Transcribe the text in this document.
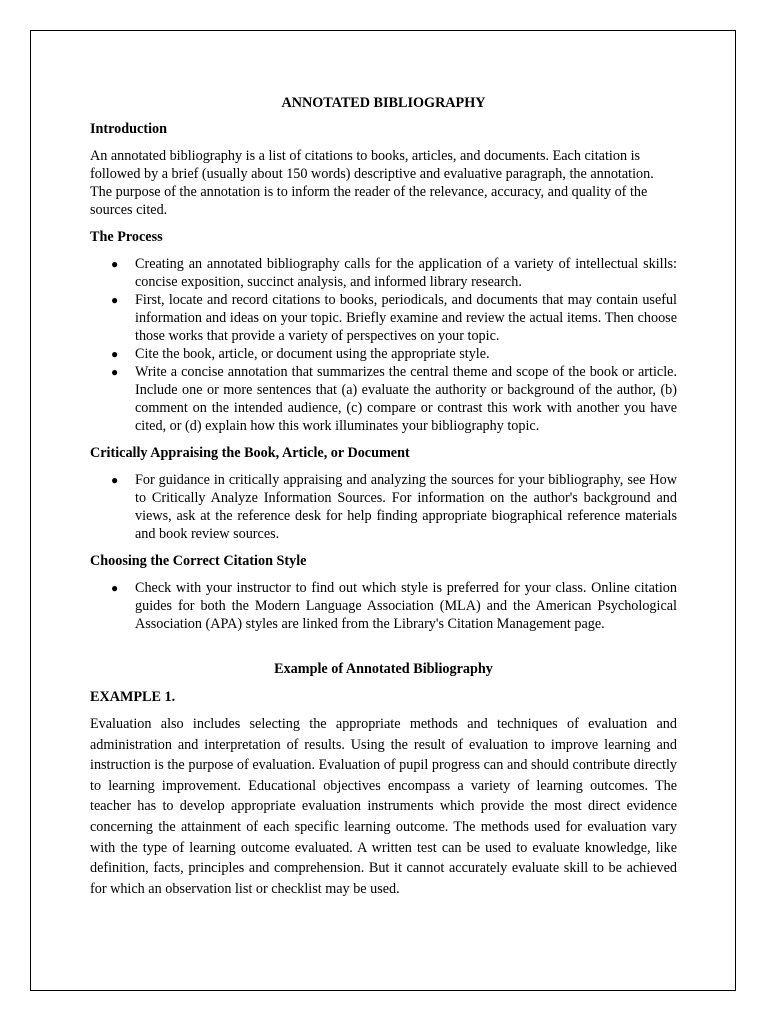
ANNOTATED BIBLIOGRAPHY
Introduction

An annotated bibliography is a list of citations to books, articles, and documents. Each citation is followed by a brief (usually about 150 words) descriptive and evaluative paragraph, the annotation. The purpose of the annotation is to inform the reader of the relevance, accuracy, and quality of the sources cited.

The Process
● Creating an annotated bibliography calls for the application of a variety of intellectual skills: concise exposition, succinct analysis, and informed library research.
● First, locate and record citations to books, periodicals, and documents that may contain useful information and ideas on your topic. Briefly examine and review the actual items. Then choose those works that provide a variety of perspectives on your topic.
● Cite the book, article, or document using the appropriate style.
● Write a concise annotation that summarizes the central theme and scope of the book or article. Include one or more sentences that (a) evaluate the authority or background of the author, (b) comment on the intended audience, (c) compare or contrast this work with another you have cited, or (d) explain how this work illuminates your bibliography topic.
Critically Appraising the Book, Article, or Document
● For guidance in critically appraising and analyzing the sources for your bibliography, see How to Critically Analyze Information Sources. For information on the author's background and views, ask at the reference desk for help finding appropriate biographical reference materials and book review sources.
Choosing the Correct Citation Style
● Check with your instructor to find out which style is preferred for your class. Online citation guides for both the Modern Language Association (MLA) and the American Psychological Association (APA) styles are linked from the Library's Citation Management page.
Example of Annotated Bibliography
EXAMPLE 1.

Evaluation also includes selecting the appropriate methods and techniques of evaluation and administration and interpretation of results. Using the result of evaluation to improve learning and instruction is the purpose of evaluation. Evaluation of pupil progress can and should contribute directly to learning improvement. Educational objectives encompass a variety of learning outcomes. The teacher has to develop appropriate evaluation instruments which provide the most direct evidence concerning the attainment of each specific learning outcome. The methods used for evaluation vary with the type of learning outcome evaluated. A written test can be used to evaluate knowledge, like definition, facts, principles and comprehension. But it cannot accurately evaluate skill to be achieved for which an observation list or checklist may be used.
